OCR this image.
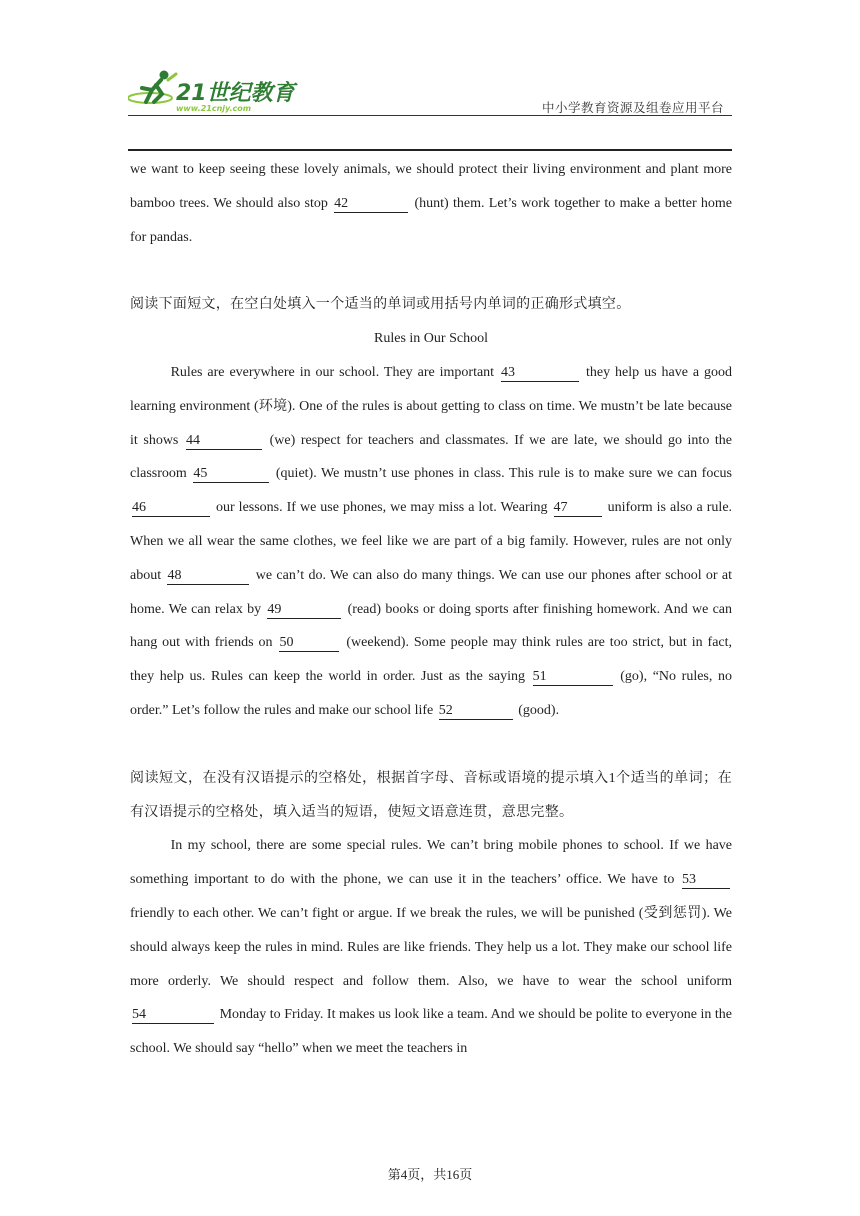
21世纪教育
www.21cnjy.com	中小学教育资源及组卷应用平台

we want to keep seeing these lovely animals, we should protect their living environment and plant more bamboo trees. We should also stop 42	(hunt) them. Let’s work together to make a better home for pandas.

阅读下面短文，在空白处填入一个适当的单词或用括号内单词的正确形式填空。

Rules in Our School

Rules are everywhere in our school. They are important 43	they help us have a good learning environment (环境). One of the rules is about getting to class on time. We mustn’t be late because it shows 44	(we) respect for teachers and classmates. If we are late, we should go into the classroom 45	(quiet). We mustn’t use phones in class. This rule is to make sure we can focus 46	our lessons. If we use phones, we may miss a lot. Wearing 47	uniform is also a rule. When we all wear the same clothes, we feel like we are part of a big family. However, rules are not only about 48	we can’t do. We can also do many things. We can use our phones after school or at home. We can relax by 49	(read) books or doing sports after finishing homework. And we can hang out with friends on 50	(weekend). Some people may think rules are too strict, but in fact, they help us. Rules can keep the world in order. Just as the saying 51	(go), “No rules, no order.” Let’s follow the rules and make our school life 52	(good).

阅读短文，在没有汉语提示的空格处，根据首字母、音标或语境的提示填入1个适当的单词；在有汉语提示的空格处，填入适当的短语，使短文语意连贯，意思完整。

In my school, there are some special rules. We can’t bring mobile phones to school. If we have something important to do with the phone, we can use it in the teachers’ office. We have to 53 friendly to each other. We can’t fight or argue. If we break the rules, we will be punished (受到惩罚). We should always keep the rules in mind. Rules are like friends. They help us a lot. They make our school life more orderly. We should respect and follow them. Also, we have to wear the school uniform 54	Monday to Friday. It makes us look like a team. And we should be polite to everyone in the school. We should say “hello” when we meet the teachers in

第4页，共16页
